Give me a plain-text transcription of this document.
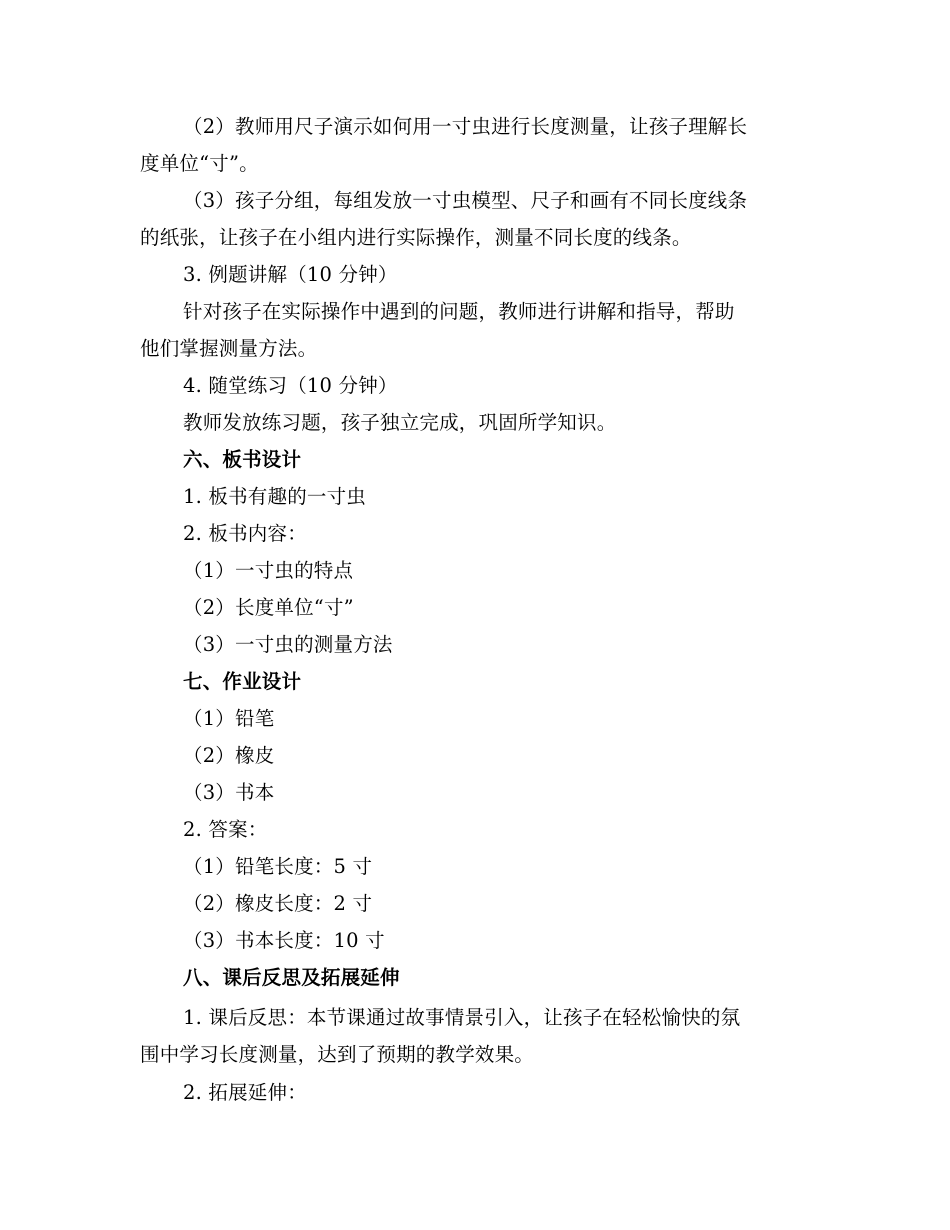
（2）教师用尺子演示如何用一寸虫进行长度测量，让孩子理解长
度单位“寸”。
（3）孩子分组，每组发放一寸虫模型、尺子和画有不同长度线条
的纸张，让孩子在小组内进行实际操作，测量不同长度的线条。
3. 例题讲解（10 分钟）
针对孩子在实际操作中遇到的问题，教师进行讲解和指导，帮助
他们掌握测量方法。
4. 随堂练习（10 分钟）
教师发放练习题，孩子独立完成，巩固所学知识。
六、板书设计
1. 板书有趣的一寸虫
2. 板书内容：
（1）一寸虫的特点
（2）长度单位“寸”
（3）一寸虫的测量方法
七、作业设计
（1）铅笔
（2）橡皮
（3）书本
2. 答案：
（1）铅笔长度：5 寸
（2）橡皮长度：2 寸
（3）书本长度：10 寸
八、课后反思及拓展延伸
1. 课后反思：本节课通过故事情景引入，让孩子在轻松愉快的氛
围中学习长度测量，达到了预期的教学效果。
2. 拓展延伸：
